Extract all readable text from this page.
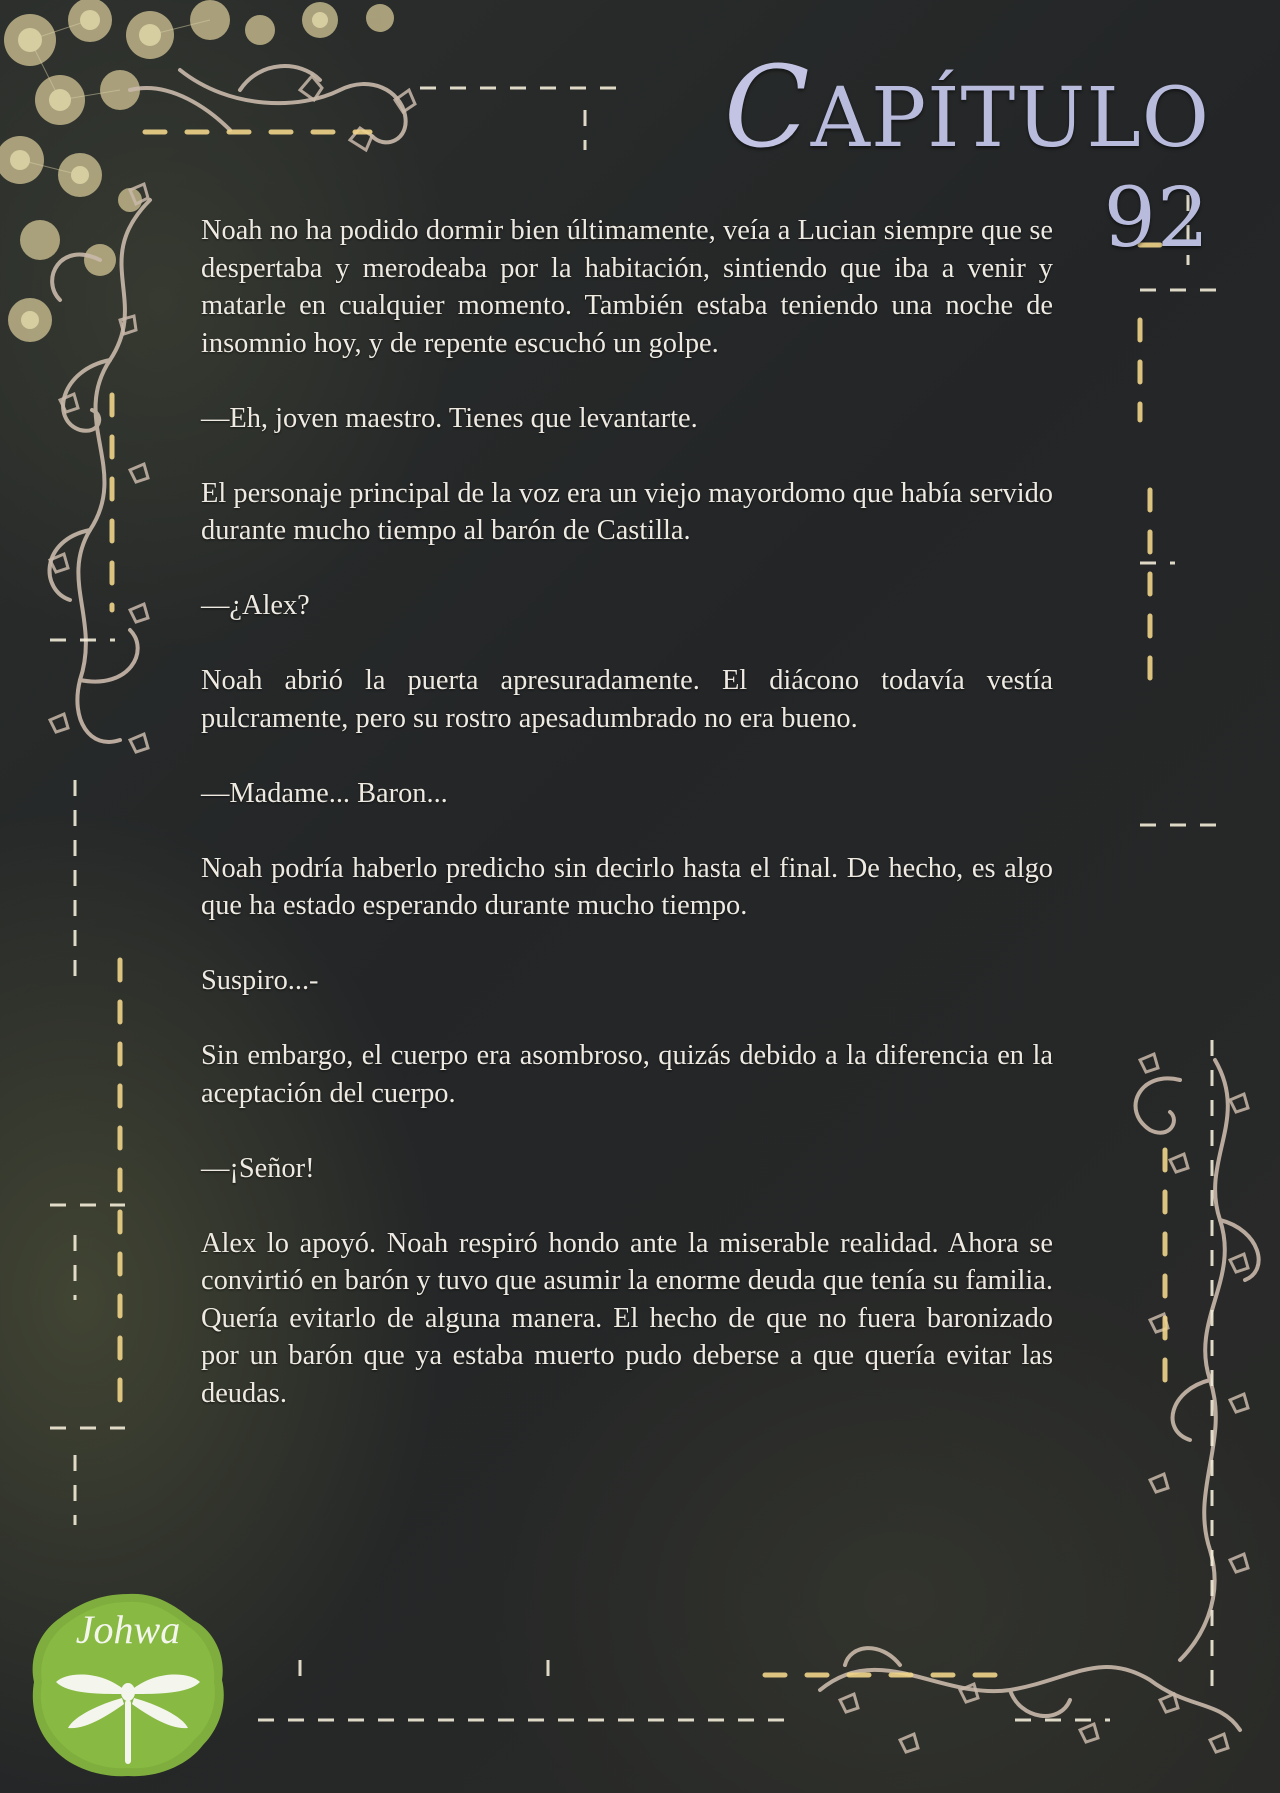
Johwa
CAPÍTULO 92

Noah no ha podido dormir bien últimamente, veía a Lucian siempre que se despertaba y merodeaba por la habitación, sintiendo que iba a venir y matarle en cualquier momento. También estaba teniendo una noche de insomnio hoy, y de repente escuchó un golpe.

—Eh, joven maestro. Tienes que levantarte.

El personaje principal de la voz era un viejo mayordomo que había servido durante mucho tiempo al barón de Castilla.

—¿Alex?

Noah abrió la puerta apresuradamente. El diácono todavía vestía pulcramente, pero su rostro apesadumbrado no era bueno.

—Madame... Baron...

Noah podría haberlo predicho sin decirlo hasta el final. De hecho, es algo que ha estado esperando durante mucho tiempo.

Suspiro...-

Sin embargo, el cuerpo era asombroso, quizás debido a la diferencia en la aceptación del cuerpo.

—¡Señor!

Alex lo apoyó. Noah respiró hondo ante la miserable realidad. Ahora se convirtió en barón y tuvo que asumir la enorme deuda que tenía su familia. Quería evitarlo de alguna manera. El hecho de que no fuera baronizado por un barón que ya estaba muerto pudo deberse a que quería evitar las deudas.
